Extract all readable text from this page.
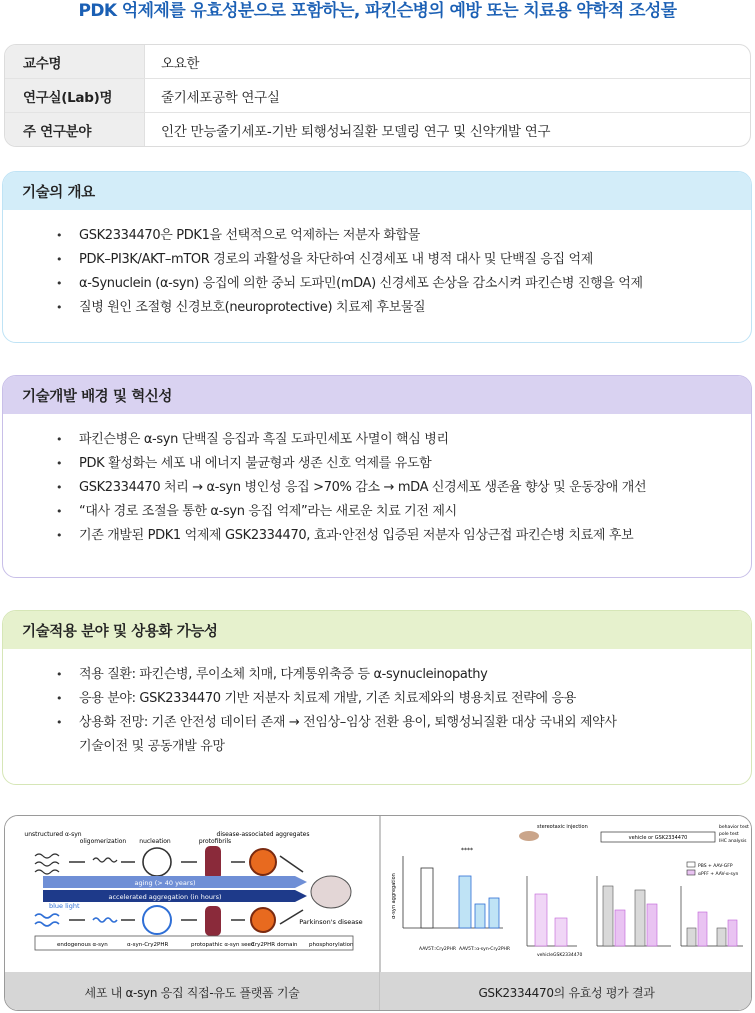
PDK 억제제를 유효성분으로 포함하는, 파킨슨병의 예방 또는 치료용 약학적 조성물
교수명	오요한
연구실(Lab)명	줄기세포공학 연구실
주 연구분야	인간 만능줄기세포-기반 퇴행성뇌질환 모델링 연구 및 신약개발 연구
기술의 개요
• GSK2334470은 PDK1을 선택적으로 억제하는 저분자 화합물
• PDK–PI3K/AKT–mTOR 경로의 과활성을 차단하여 신경세포 내 병적 대사 및 단백질 응집 억제
• α-Synuclein (α-syn) 응집에 의한 중뇌 도파민(mDA) 신경세포 손상을 감소시켜 파킨슨병 진행을 억제
• 질병 원인 조절형 신경보호(neuroprotective) 치료제 후보물질
기술개발 배경 및 혁신성
• 파킨슨병은 α-syn 단백질 응집과 흑질 도파민세포 사멸이 핵심 병리
• PDK 활성화는 세포 내 에너지 불균형과 생존 신호 억제를 유도함
• GSK2334470 처리 → α-syn 병인성 응집 >70% 감소 → mDA 신경세포 생존율 향상 및 운동장애 개선
• “대사 경로 조절을 통한 α-syn 응집 억제”라는 새로운 치료 기전 제시
• 기존 개발된 PDK1 억제제 GSK2334470, 효과·안전성 입증된 저분자 임상근접 파킨슨병 치료제 후보
기술적용 분야 및 상용화 가능성
• 적용 질환: 파킨슨병, 루이소체 치매, 다계통위축증 등 α-synucleinopathy
• 응용 분야: GSK2334470 기반 저분자 치료제 개발, 기존 치료제와의 병용치료 전략에 응용
• 상용화 전망: 기존 안전성 데이터 존재 → 전임상–임상 전환 용이, 퇴행성뇌질환 대상 국내외 제약사
기술이전 및 공동개발 유망
unstructured α-syn
oligomerization nucleation	protofibrils
disease-associated aggregates
aging (> 40 years)
accelerated aggregation (in hours)
blue light
Parkinson's disease
endogenous α-syn	α-syn-Cry2PHR	protopathic α-syn seed
Cry2PHR domain phosphorylation
α-syn aggregation
****
AAV5T::Cry2PHR AAV5T::α-syn-Cry2PHR
stereotaxic injection
vehicle or GSK2334470
behavior test
pole test
IHC analysis
PBS + AAV-GFP
αPFF + AAV-α-syn
vehicle GSK2334470
세포 내 α-syn 응집 직접-유도 플랫폼 기술	GSK2334470의 유효성 평가 결과
